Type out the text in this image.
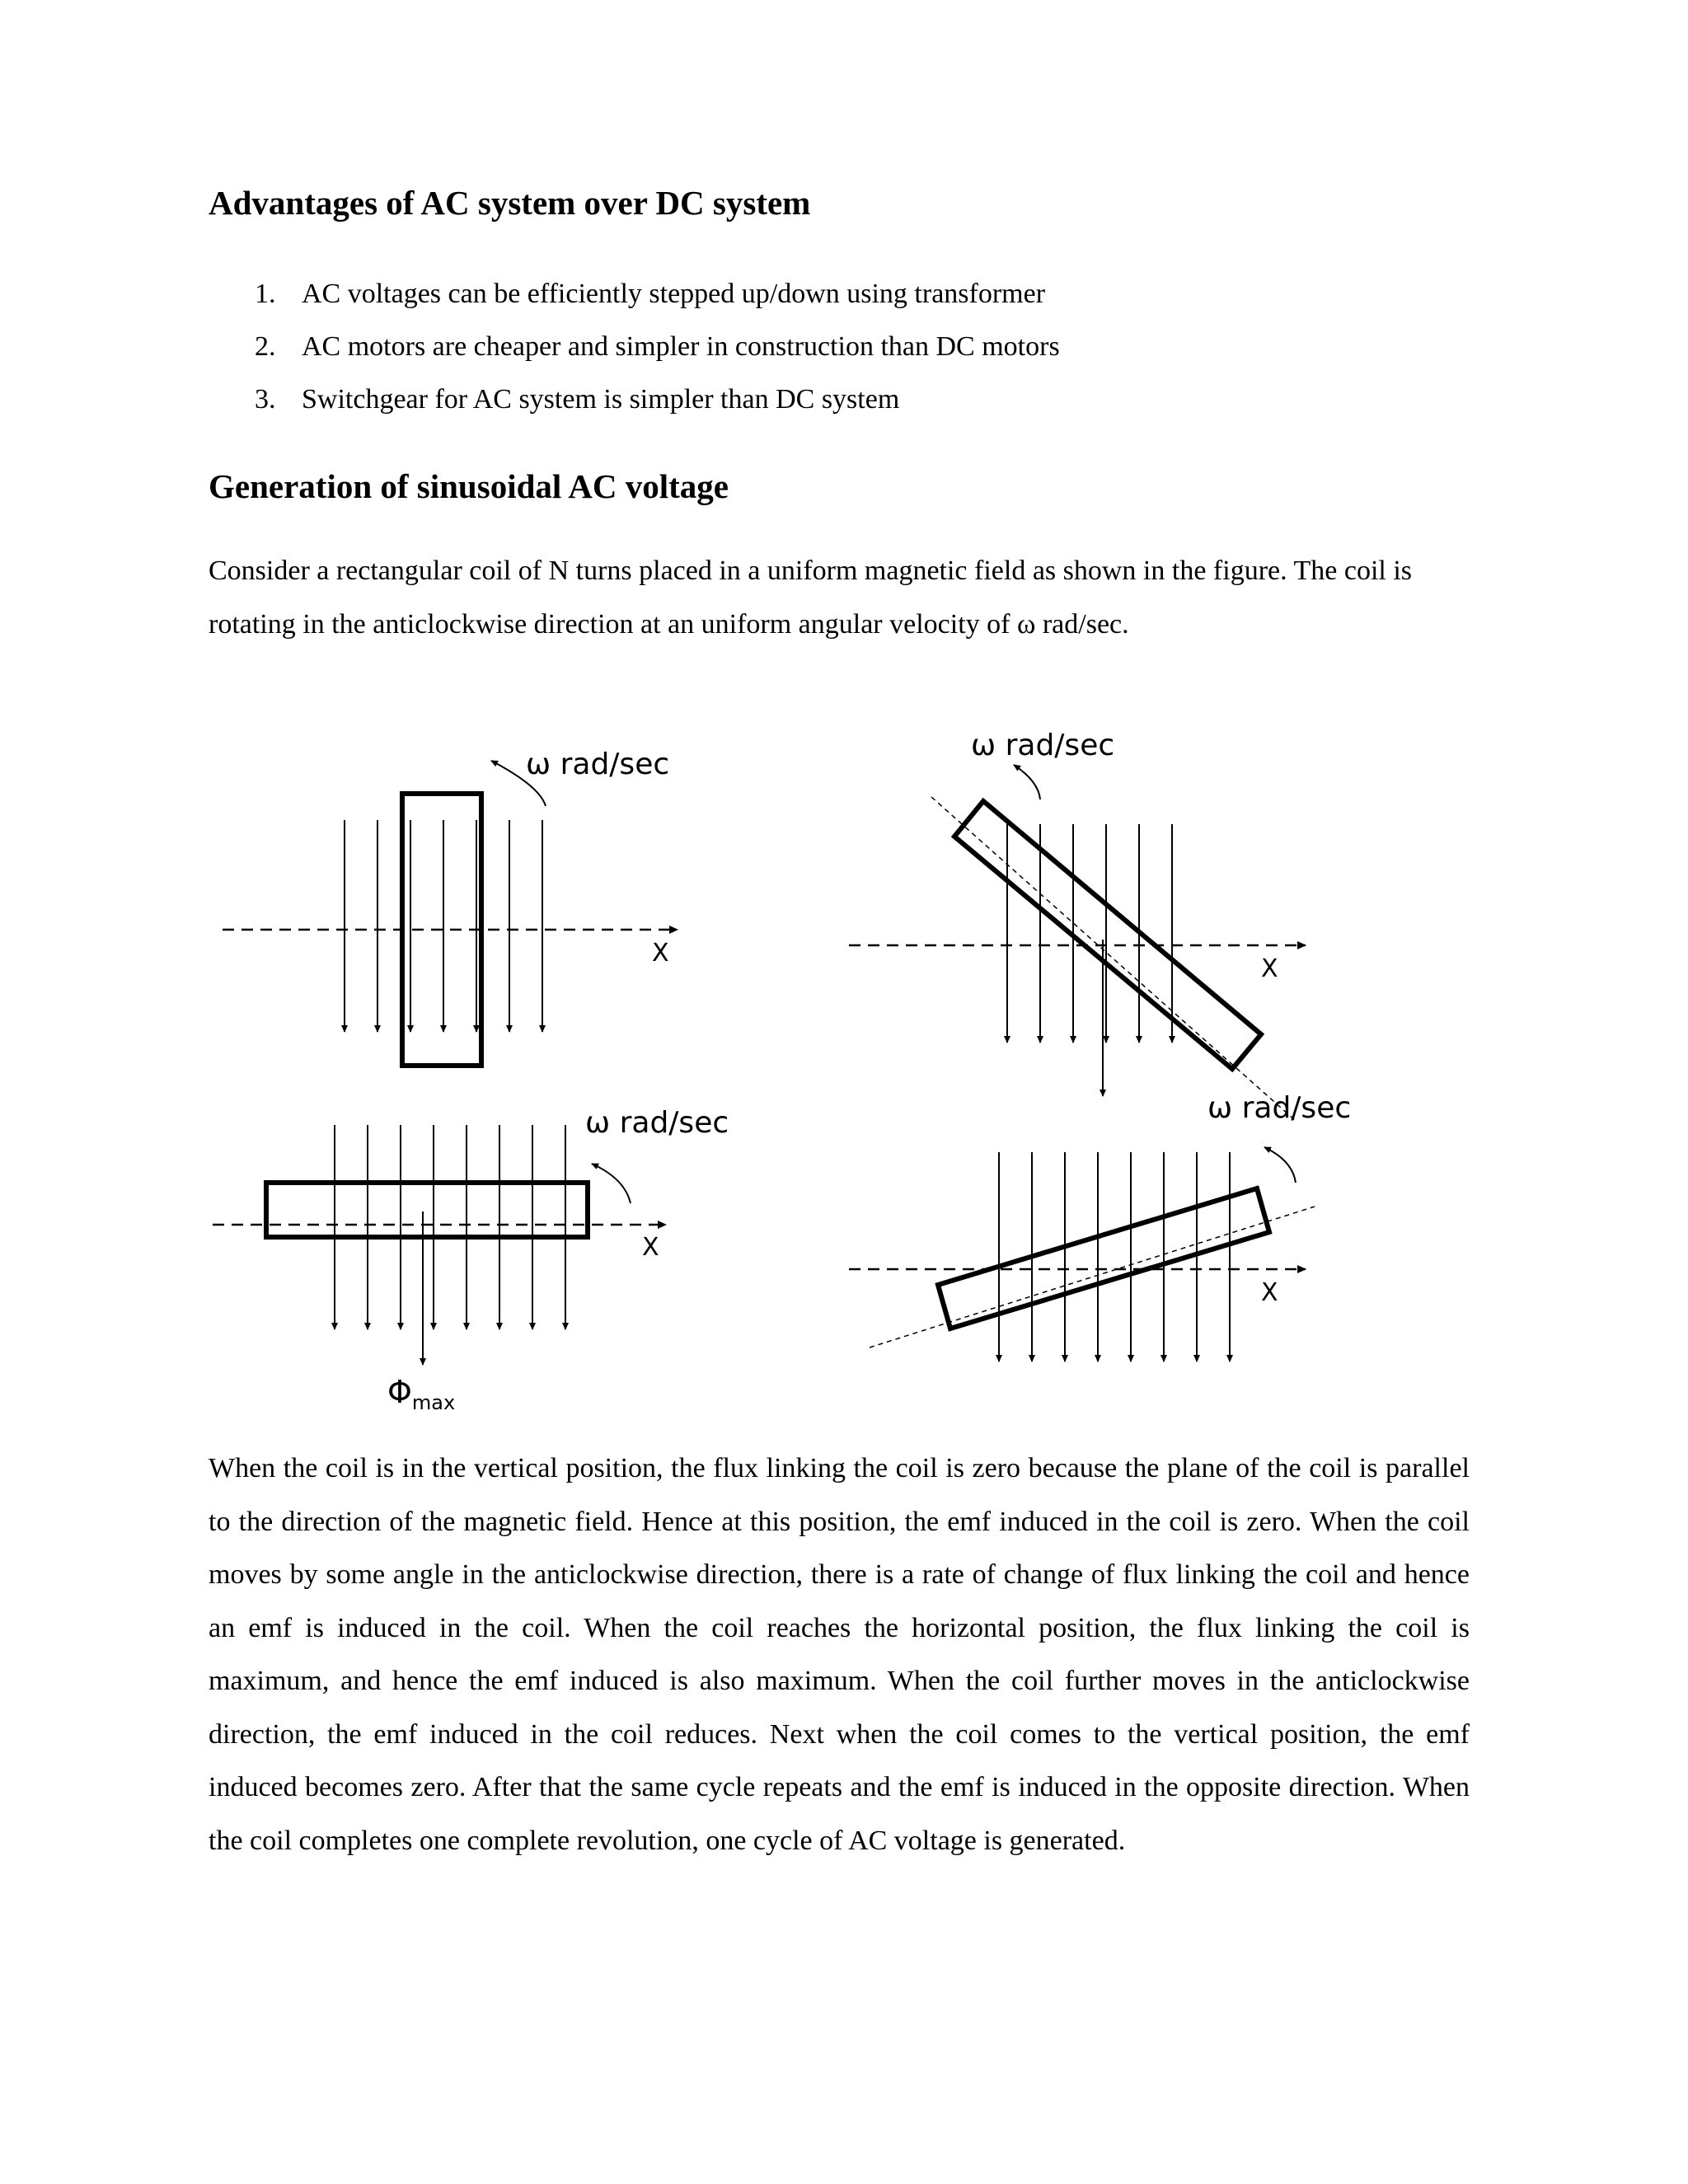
Advantages of AC system over DC system
1. AC voltages can be efficiently stepped up/down using transformer
2. AC motors are cheaper and simpler in construction than DC motors
3. Switchgear for AC system is simpler than DC system
Generation of sinusoidal AC voltage

Consider a rectangular coil of N turns placed in a uniform magnetic field as shown in the figure. The coil is rotating in the anticlockwise direction at an uniform angular velocity of ω rad/sec.

ω rad/sec
X
ω rad/sec
X
ω rad/sec
X
$\Phi_{max}$
ω rad/sec
X

When the coil is in the vertical position, the flux linking the coil is zero because the plane of the coil is parallel to the direction of the magnetic field. Hence at this position, the emf induced in the coil is zero. When the coil moves by some angle in the anticlockwise direction, there is a rate of change of flux linking the coil and hence an emf is induced in the coil. When the coil reaches the horizontal position, the flux linking the coil is maximum, and hence the emf induced is also maximum. When the coil further moves in the anticlockwise direction, the emf induced in the coil reduces. Next when the coil comes to the vertical position, the emf induced becomes zero. After that the same cycle repeats and the emf is induced in the opposite direction. When the coil completes one complete revolution, one cycle of AC voltage is generated.
